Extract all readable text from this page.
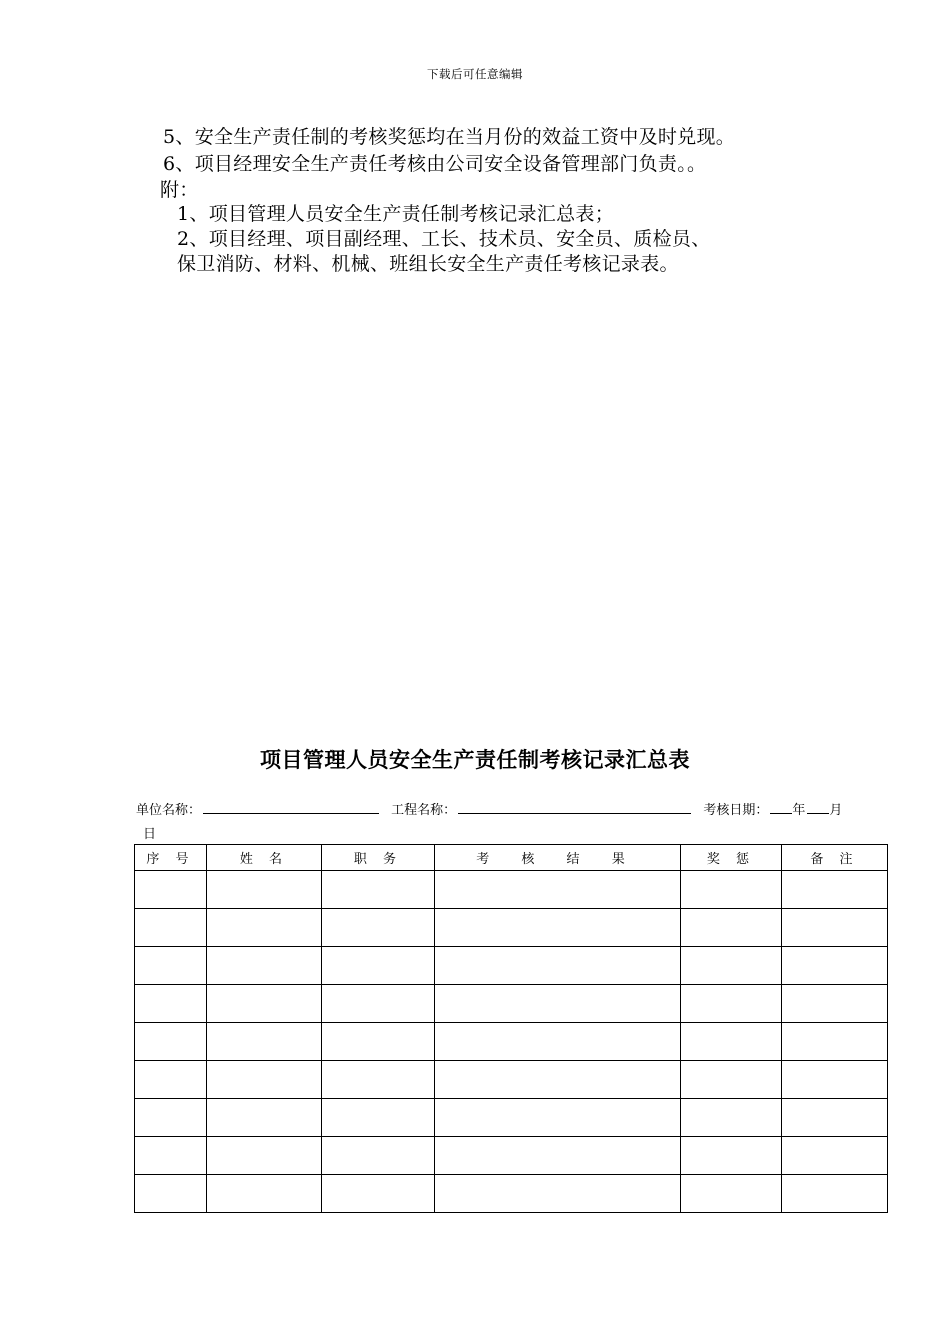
下载后可任意编辑
5、安全生产责任制的考核奖惩均在当月份的效益工资中及时兑现。
6、项目经理安全生产责任考核由公司安全设备管理部门负责。。
附：
1、项目管理人员安全生产责任制考核记录汇总表；
2、项目经理、项目副经理、工长、技术员、安全员、质检员、
保卫消防、材料、机械、班组长安全生产责任考核记录表。
项目管理人员安全生产责任制考核记录汇总表
单位名称：	工程名称：	考核日期： 年 月
日
序 号	姓 名	职 务	考 核 结 果	奖 惩	备 注
